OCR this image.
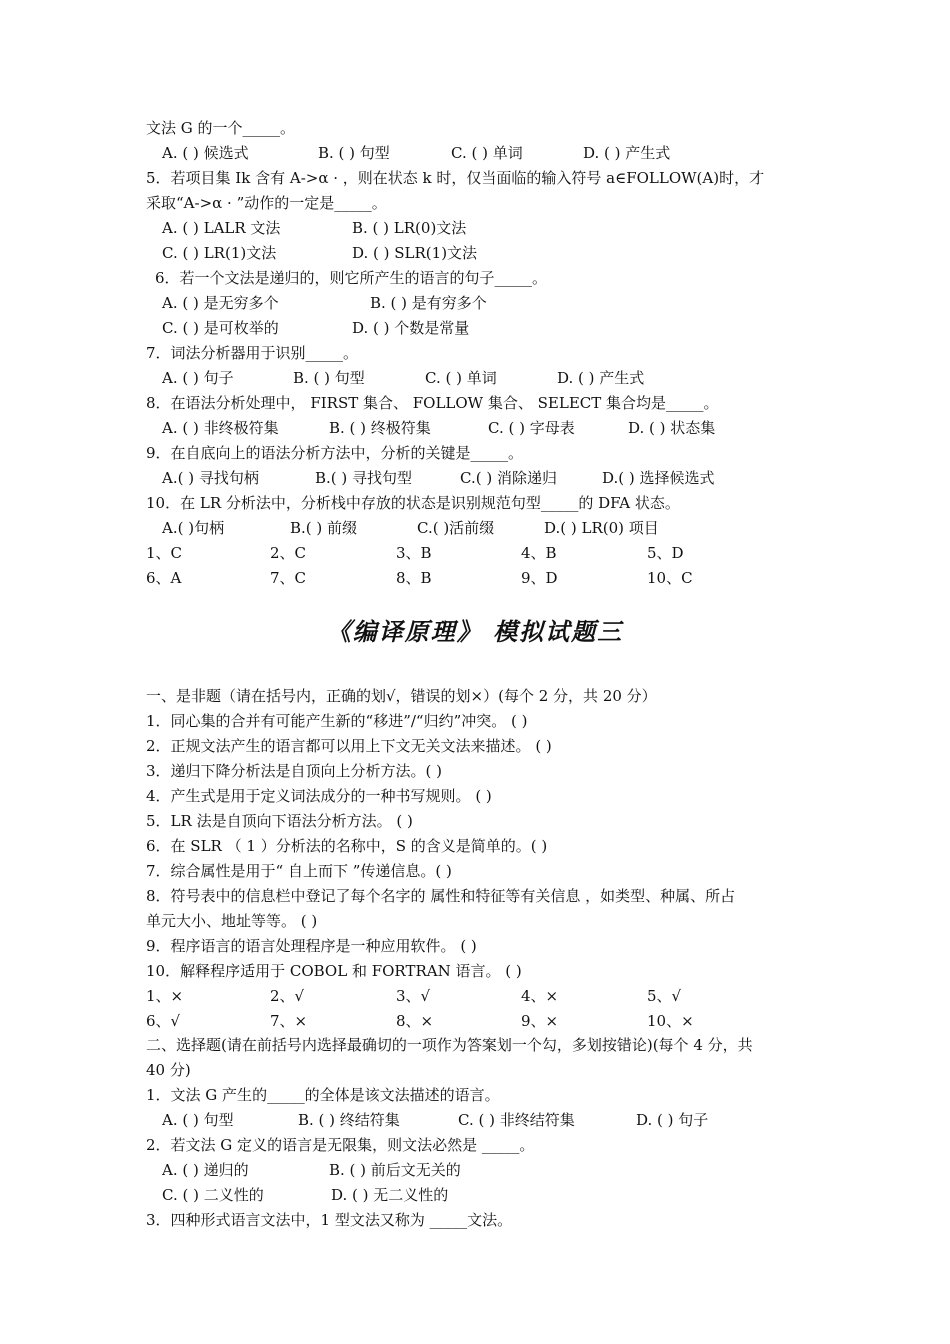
文法 G 的一个_____。
A. ( ) 候选式	B. ( ) 句型	C. ( ) 单词	D. ( ) 产生式
5．若项目集 Ik 含有 A->α · ，则在状态 k 时，仅当面临的输入符号 a∈FOLLOW(A)时，才
采取“A->α · ”动作的一定是_____。
A. ( ) LALR 文法	B. ( ) LR(0)文法
C. ( ) LR(1)文法	D. ( ) SLR(1)文法
6．若一个文法是递归的，则它所产生的语言的句子_____。
A. ( ) 是无穷多个	B. ( ) 是有穷多个
C. ( ) 是可枚举的	D. ( ) 个数是常量
7．词法分析器用于识别_____。
A. ( ) 句子	B. ( ) 句型	C. ( ) 单词	D. ( ) 产生式
8．在语法分析处理中， FIRST 集合、 FOLLOW 集合、 SELECT 集合均是_____。
A. ( ) 非终极符集	B. ( ) 终极符集	C. ( ) 字母表	D. ( ) 状态集
9．在自底向上的语法分析方法中，分析的关键是_____。
A.( ) 寻找句柄	B.( ) 寻找句型	C.( ) 消除递归	D.( ) 选择候选式
10．在 LR 分析法中，分析栈中存放的状态是识别规范句型_____的 DFA 状态。
A.( )句柄	B.( ) 前缀	C.( )活前缀	D.( ) LR(0) 项目
1、C	2、C	3、B	4、B	5、D
6、A	7、C	8、B	9、D	10、C
《编译原理》 模拟试题三
一、是非题（请在括号内，正确的划√，错误的划×）(每个 2 分，共 20 分）
1．同心集的合并有可能产生新的“移进”/“归约”冲突。 ( )
2．正规文法产生的语言都可以用上下文无关文法来描述。 ( )
3．递归下降分析法是自顶向上分析方法。( )
4．产生式是用于定义词法成分的一种书写规则。 ( )
5．LR 法是自顶向下语法分析方法。 ( )
6．在 SLR （ 1 ）分析法的名称中，S 的含义是简单的。( )
7．综合属性是用于“ 自上而下 ”传递信息。( )
8．符号表中的信息栏中登记了每个名字的 属性和特征等有关信息 ，如类型、种属、所占
单元大小、地址等等。 ( )
9．程序语言的语言处理程序是一种应用软件。 ( )
10．解释程序适用于 COBOL 和 FORTRAN 语言。 ( )
1、×	2、√	3、√	4、×	5、√
6、√	7、×	8、×	9、×	10、×
二、选择题(请在前括号内选择最确切的一项作为答案划一个勾，多划按错论)(每个 4 分，共
40 分)
1．文法 G 产生的_____的全体是该文法描述的语言。
A. ( ) 句型	B. ( ) 终结符集	C. ( ) 非终结符集	D. ( ) 句子
2．若文法 G 定义的语言是无限集，则文法必然是 _____。
A. ( ) 递归的	B. ( ) 前后文无关的
C. ( ) 二义性的	D. ( ) 无二义性的
3．四种形式语言文法中，1 型文法又称为 _____文法。
